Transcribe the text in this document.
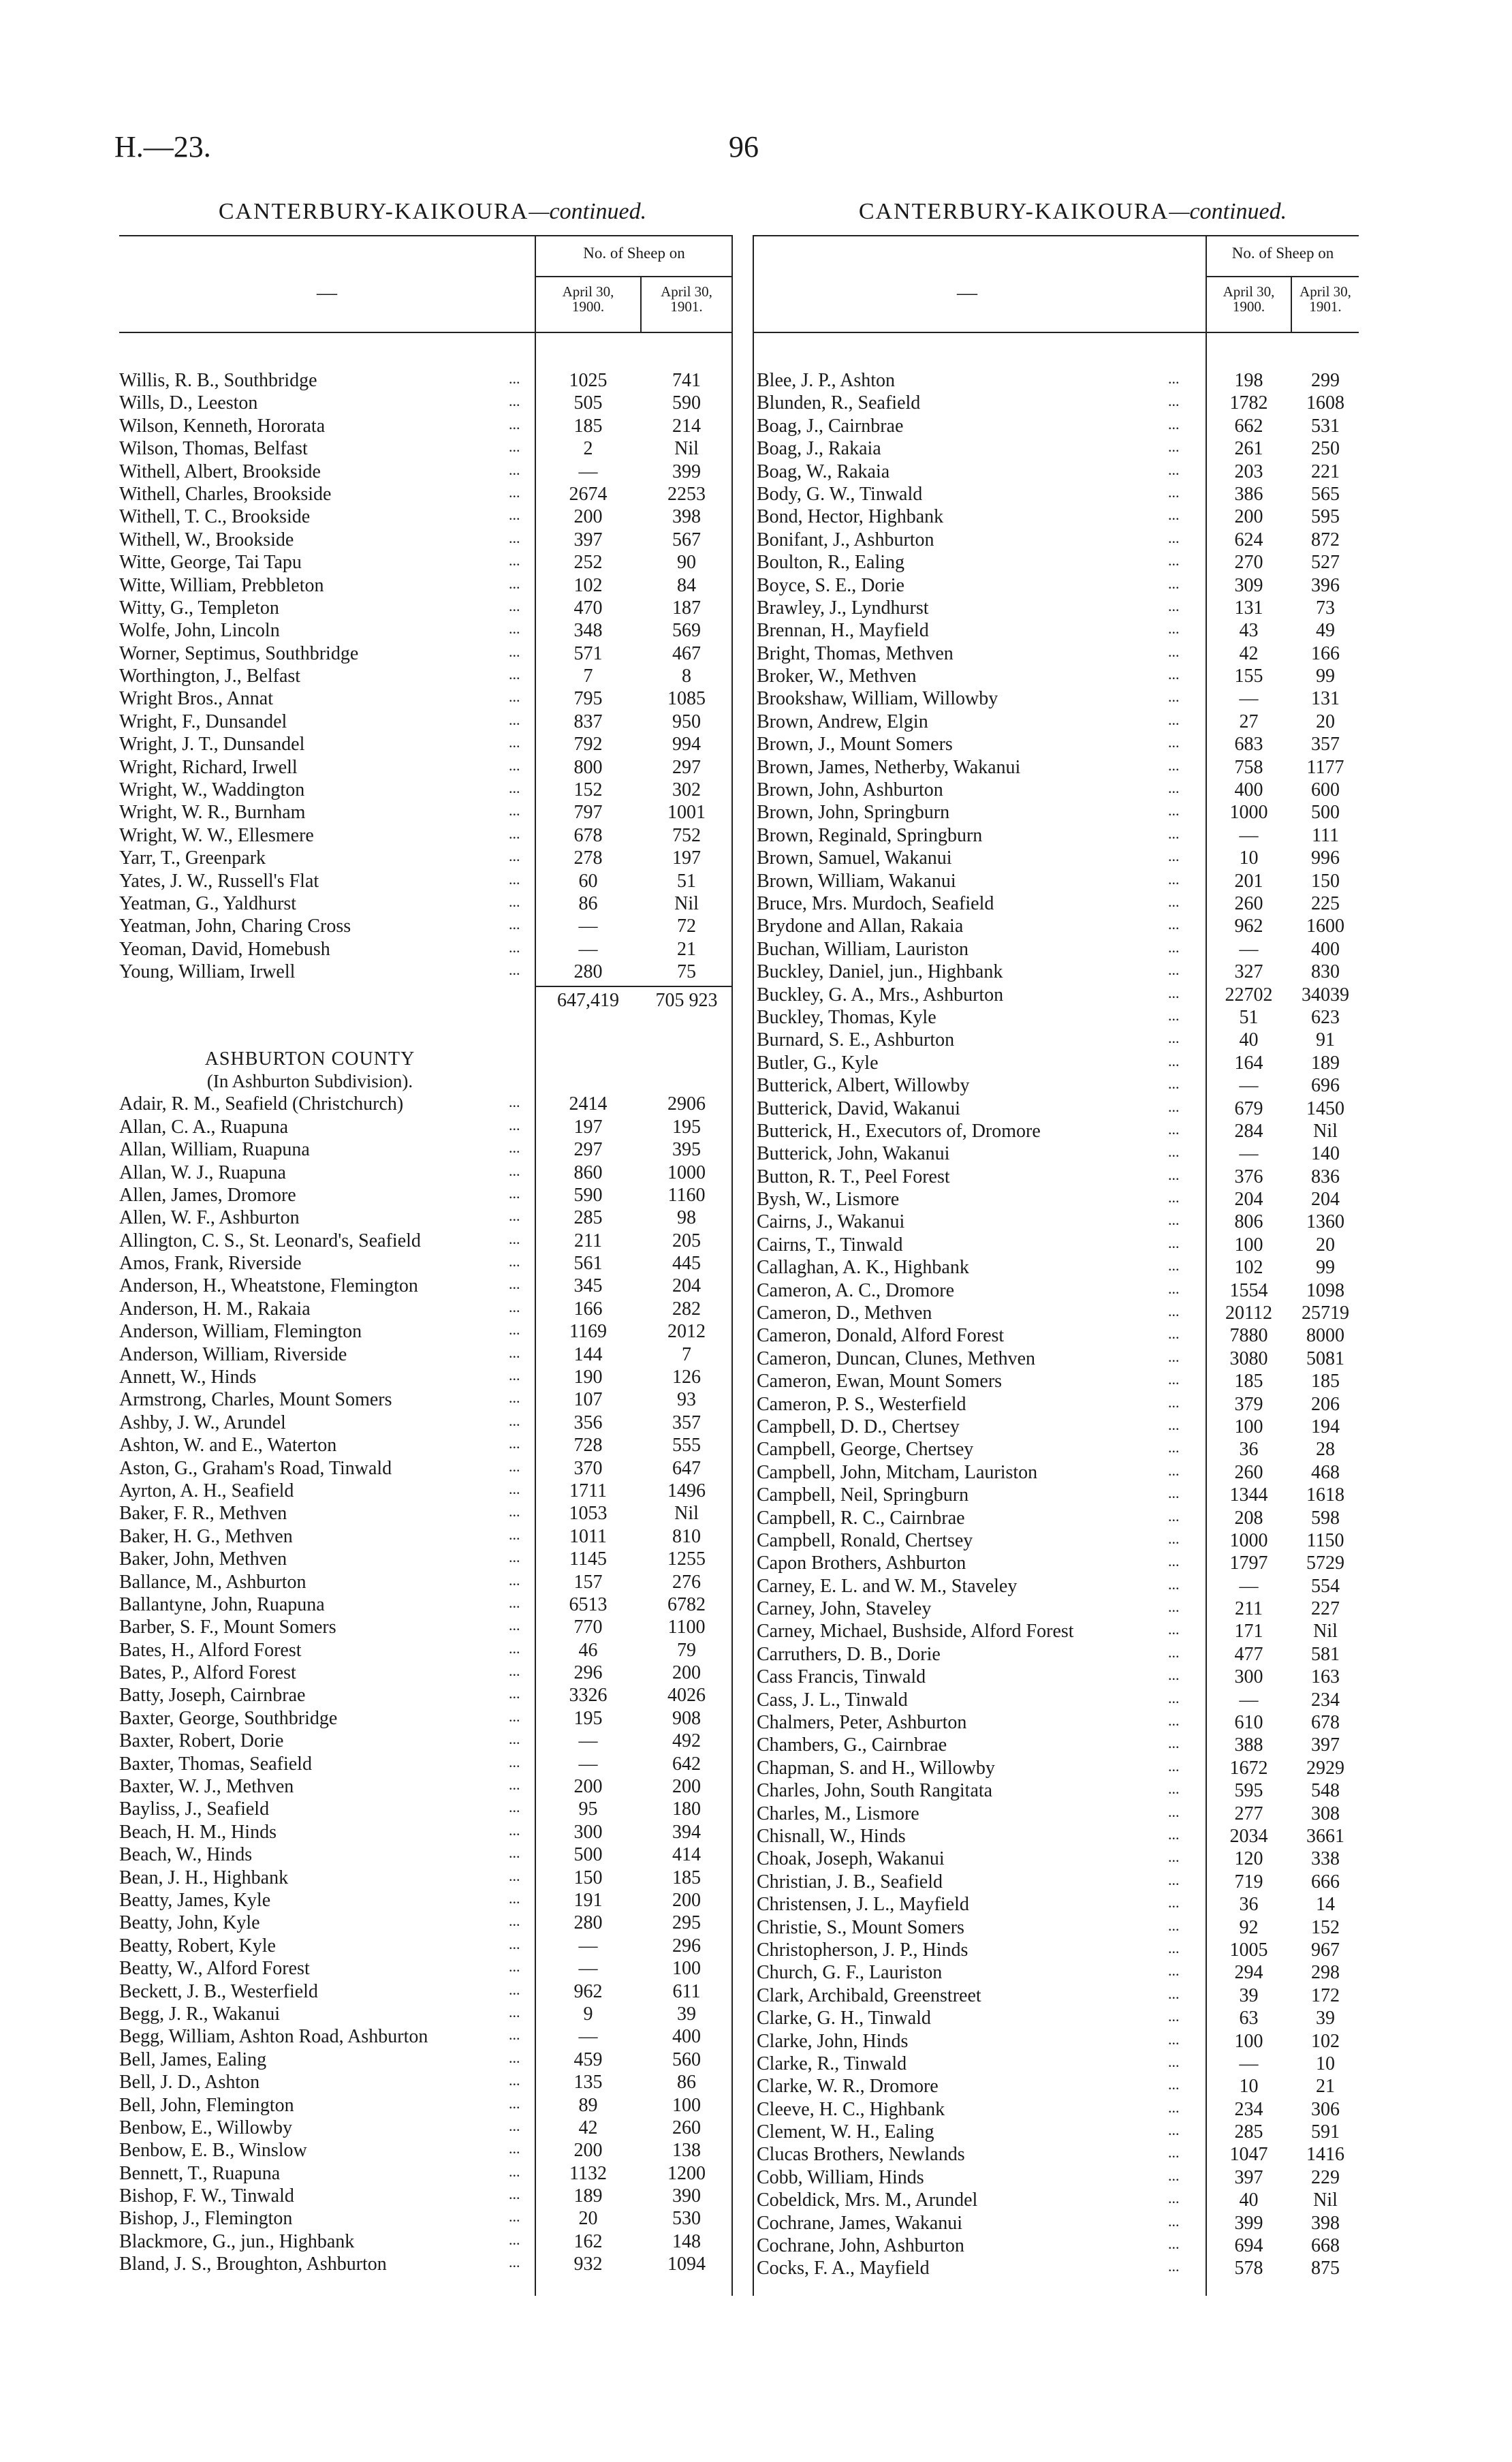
H.—23.	96
CANTERBURY-KAIKOURA—continued.	CANTERBURY-KAIKOURA—continued.
—
No. of Sheep on
April 30,
1900.
April 30,
1901.
Willis, R. B., Southbridge	...	1025	741
Wills, D., Leeston	...	505	590
Wilson, Kenneth, Hororata	...	185	214
Wilson, Thomas, Belfast	...	2	Nil
Withell, Albert, Brookside	...	—	399
Withell, Charles, Brookside	...	2674	2253
Withell, T. C., Brookside	...	200	398
Withell, W., Brookside	...	397	567
Witte, George, Tai Tapu	...	252	90
Witte, William, Prebbleton	...	102	84
Witty, G., Templeton	...	470	187
Wolfe, John, Lincoln	...	348	569
Worner, Septimus, Southbridge	...	571	467
Worthington, J., Belfast	...	7	8
Wright Bros., Annat	...	795	1085
Wright, F., Dunsandel	...	837	950
Wright, J. T., Dunsandel	...	792	994
Wright, Richard, Irwell	...	800	297
Wright, W., Waddington	...	152	302
Wright, W. R., Burnham	...	797	1001
Wright, W. W., Ellesmere	...	678	752
Yarr, T., Greenpark	...	278	197
Yates, J. W., Russell's Flat	...	60	51
Yeatman, G., Yaldhurst	...	86	Nil
Yeatman, John, Charing Cross	...	—	72
Yeoman, David, Homebush	...	—	21
Young, William, Irwell	...	280	75
647,419	705 923
ASHBURTON COUNTY
(In Ashburton Subdivision).
Adair, R. M., Seafield (Christchurch)	...	2414	2906
Allan, C. A., Ruapuna	...	197	195
Allan, William, Ruapuna	...	297	395
Allan, W. J., Ruapuna	...	860	1000
Allen, James, Dromore	...	590	1160
Allen, W. F., Ashburton	...	285	98
Allington, C. S., St. Leonard's, Seafield	...	211	205
Amos, Frank, Riverside	...	561	445
Anderson, H., Wheatstone, Flemington	...	345	204
Anderson, H. M., Rakaia	...	166	282
Anderson, William, Flemington	...	1169	2012
Anderson, William, Riverside	...	144	7
Annett, W., Hinds	...	190	126
Armstrong, Charles, Mount Somers	...	107	93
Ashby, J. W., Arundel	...	356	357
Ashton, W. and E., Waterton	...	728	555
Aston, G., Graham's Road, Tinwald	...	370	647
Ayrton, A. H., Seafield	...	1711	1496
Baker, F. R., Methven	...	1053	Nil
Baker, H. G., Methven	...	1011	810
Baker, John, Methven	...	1145	1255
Ballance, M., Ashburton	...	157	276
Ballantyne, John, Ruapuna	...	6513	6782
Barber, S. F., Mount Somers	...	770	1100
Bates, H., Alford Forest	...	46	79
Bates, P., Alford Forest	...	296	200
Batty, Joseph, Cairnbrae	...	3326	4026
Baxter, George, Southbridge	...	195	908
Baxter, Robert, Dorie	...	—	492
Baxter, Thomas, Seafield	...	—	642
Baxter, W. J., Methven	...	200	200
Bayliss, J., Seafield	...	95	180
Beach, H. M., Hinds	...	300	394
Beach, W., Hinds	...	500	414
Bean, J. H., Highbank	...	150	185
Beatty, James, Kyle	...	191	200
Beatty, John, Kyle	...	280	295
Beatty, Robert, Kyle	...	—	296
Beatty, W., Alford Forest	...	—	100
Beckett, J. B., Westerfield	...	962	611
Begg, J. R., Wakanui	...	9	39
Begg, William, Ashton Road, Ashburton	...	—	400
Bell, James, Ealing	...	459	560
Bell, J. D., Ashton	...	135	86
Bell, John, Flemington	...	89	100
Benbow, E., Willowby	...	42	260
Benbow, E. B., Winslow	...	200	138
Bennett, T., Ruapuna	...	1132	1200
Bishop, F. W., Tinwald	...	189	390
Bishop, J., Flemington	...	20	530
Blackmore, G., jun., Highbank	...	162	148
Bland, J. S., Broughton, Ashburton	...	932	1094
—
No. of Sheep on
April 30,
1900.
April 30,
1901.
Blee, J. P., Ashton	...	198	299
Blunden, R., Seafield	...	1782	1608
Boag, J., Cairnbrae	...	662	531
Boag, J., Rakaia	...	261	250
Boag, W., Rakaia	...	203	221
Body, G. W., Tinwald	...	386	565
Bond, Hector, Highbank	...	200	595
Bonifant, J., Ashburton	...	624	872
Boulton, R., Ealing	...	270	527
Boyce, S. E., Dorie	...	309	396
Brawley, J., Lyndhurst	...	131	73
Brennan, H., Mayfield	...	43	49
Bright, Thomas, Methven	...	42	166
Broker, W., Methven	...	155	99
Brookshaw, William, Willowby	...	—	131
Brown, Andrew, Elgin	...	27	20
Brown, J., Mount Somers	...	683	357
Brown, James, Netherby, Wakanui	...	758	1177
Brown, John, Ashburton	...	400	600
Brown, John, Springburn	...	1000	500
Brown, Reginald, Springburn	...	—	111
Brown, Samuel, Wakanui	...	10	996
Brown, William, Wakanui	...	201	150
Bruce, Mrs. Murdoch, Seafield	...	260	225
Brydone and Allan, Rakaia	...	962	1600
Buchan, William, Lauriston	...	—	400
Buckley, Daniel, jun., Highbank	...	327	830
Buckley, G. A., Mrs., Ashburton	...	22702	34039
Buckley, Thomas, Kyle	...	51	623
Burnard, S. E., Ashburton	...	40	91
Butler, G., Kyle	...	164	189
Butterick, Albert, Willowby	...	—	696
Butterick, David, Wakanui	...	679	1450
Butterick, H., Executors of, Dromore	...	284	Nil
Butterick, John, Wakanui	...	—	140
Button, R. T., Peel Forest	...	376	836
Bysh, W., Lismore	...	204	204
Cairns, J., Wakanui	...	806	1360
Cairns, T., Tinwald	...	100	20
Callaghan, A. K., Highbank	...	102	99
Cameron, A. C., Dromore	...	1554	1098
Cameron, D., Methven	...	20112	25719
Cameron, Donald, Alford Forest	...	7880	8000
Cameron, Duncan, Clunes, Methven	...	3080	5081
Cameron, Ewan, Mount Somers	...	185	185
Cameron, P. S., Westerfield	...	379	206
Campbell, D. D., Chertsey	...	100	194
Campbell, George, Chertsey	...	36	28
Campbell, John, Mitcham, Lauriston	...	260	468
Campbell, Neil, Springburn	...	1344	1618
Campbell, R. C., Cairnbrae	...	208	598
Campbell, Ronald, Chertsey	...	1000	1150
Capon Brothers, Ashburton	...	1797	5729
Carney, E. L. and W. M., Staveley	...	—	554
Carney, John, Staveley	...	211	227
Carney, Michael, Bushside, Alford Forest	...	171	Nil
Carruthers, D. B., Dorie	...	477	581
Cass Francis, Tinwald	...	300	163
Cass, J. L., Tinwald	...	—	234
Chalmers, Peter, Ashburton	...	610	678
Chambers, G., Cairnbrae	...	388	397
Chapman, S. and H., Willowby	...	1672	2929
Charles, John, South Rangitata	...	595	548
Charles, M., Lismore	...	277	308
Chisnall, W., Hinds	...	2034	3661
Choak, Joseph, Wakanui	...	120	338
Christian, J. B., Seafield	...	719	666
Christensen, J. L., Mayfield	...	36	14
Christie, S., Mount Somers	...	92	152
Christopherson, J. P., Hinds	...	1005	967
Church, G. F., Lauriston	...	294	298
Clark, Archibald, Greenstreet	...	39	172
Clarke, G. H., Tinwald	...	63	39
Clarke, John, Hinds	...	100	102
Clarke, R., Tinwald	...	—	10
Clarke, W. R., Dromore	...	10	21
Cleeve, H. C., Highbank	...	234	306
Clement, W. H., Ealing	...	285	591
Clucas Brothers, Newlands	...	1047	1416
Cobb, William, Hinds	...	397	229
Cobeldick, Mrs. M., Arundel	...	40	Nil
Cochrane, James, Wakanui	...	399	398
Cochrane, John, Ashburton	...	694	668
Cocks, F. A., Mayfield	...	578	875
